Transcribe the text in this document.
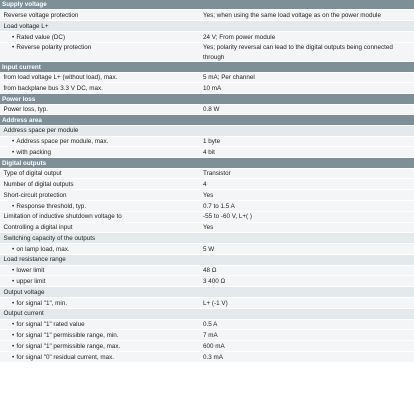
Supply voltage
Reverse voltage protection	Yes; when using the same load voltage as on the power module
Load voltage L+
• Rated value (DC)	24 V; From power module
• Reverse polarity protection	Yes; polarity reversal can lead to the digital outputs being connected through
Input current
from load voltage L+ (without load), max.	5 mA; Per channel
from backplane bus 3.3 V DC, max.	10 mA
Power loss
Power loss, typ.	0.8 W
Address area
Address space per module
• Address space per module, max.	1 byte
• with packing	4 bit
Digital outputs
Type of digital output	Transistor
Number of digital outputs	4
Short-circuit protection	Yes
• Response threshold, typ.	0.7 to 1.5 A
Limitation of inductive shutdown voltage to	-55 to -60 V, L+( )
Controlling a digital input	Yes
Switching capacity of the outputs
• on lamp load, max.	5 W
Load resistance range
• lower limit	48 Ω
• upper limit	3 400 Ω
Output voltage
• for signal "1", min.	L+ (-1 V)
Output current
• for signal "1" rated value	0.5 A
• for signal "1" permissible range, min.	7 mA
• for signal "1" permissible range, max.	600 mA
• for signal "0" residual current, max.	0.3 mA
